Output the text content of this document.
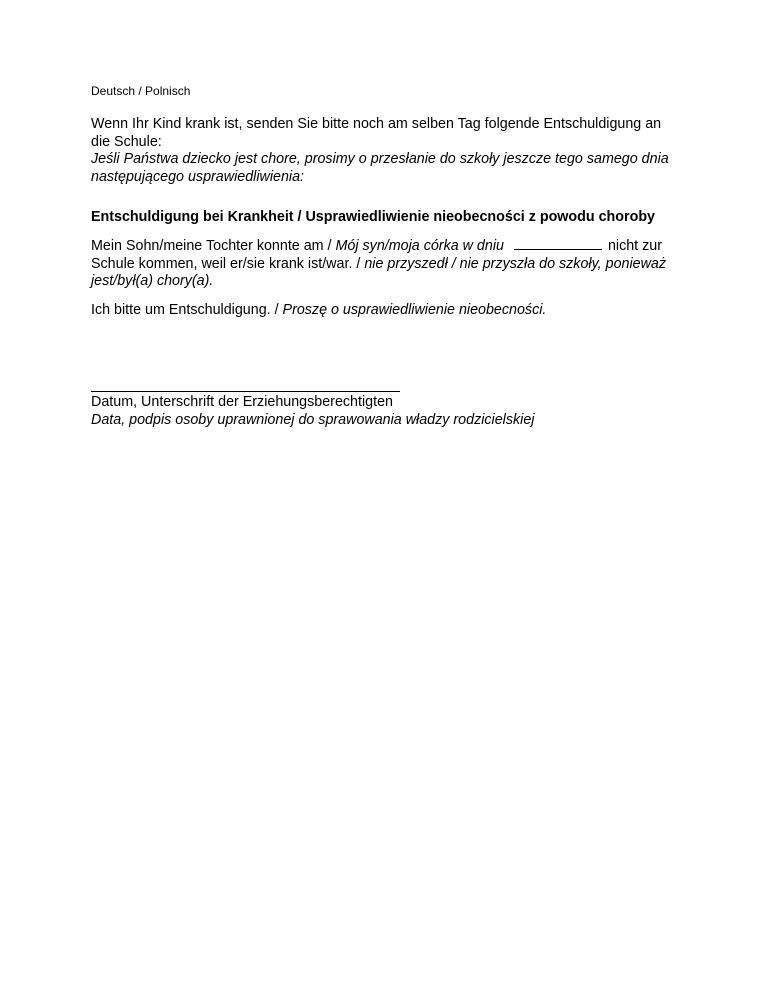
Deutsch / Polnisch
Wenn Ihr Kind krank ist, senden Sie bitte noch am selben Tag folgende Entschuldigung an die Schule:
Jeśli Państwa dziecko jest chore, prosimy o przesłanie do szkoły jeszcze tego samego dnia następującego usprawiedliwienia:
Entschuldigung bei Krankheit / Usprawiedliwienie nieobecności z powodu choroby
Mein Sohn/meine Tochter konnte am / Mój syn/moja córka w dniu	nicht zur Schule kommen, weil er/sie krank ist/war. / nie przyszedł / nie przyszła do szkoły, ponieważ jest/był(a) chory(a).
Ich bitte um Entschuldigung. / Proszę o usprawiedliwienie nieobecności.
Datum, Unterschrift der Erziehungsberechtigten
Data, podpis osoby uprawnionej do sprawowania władzy rodzicielskiej
